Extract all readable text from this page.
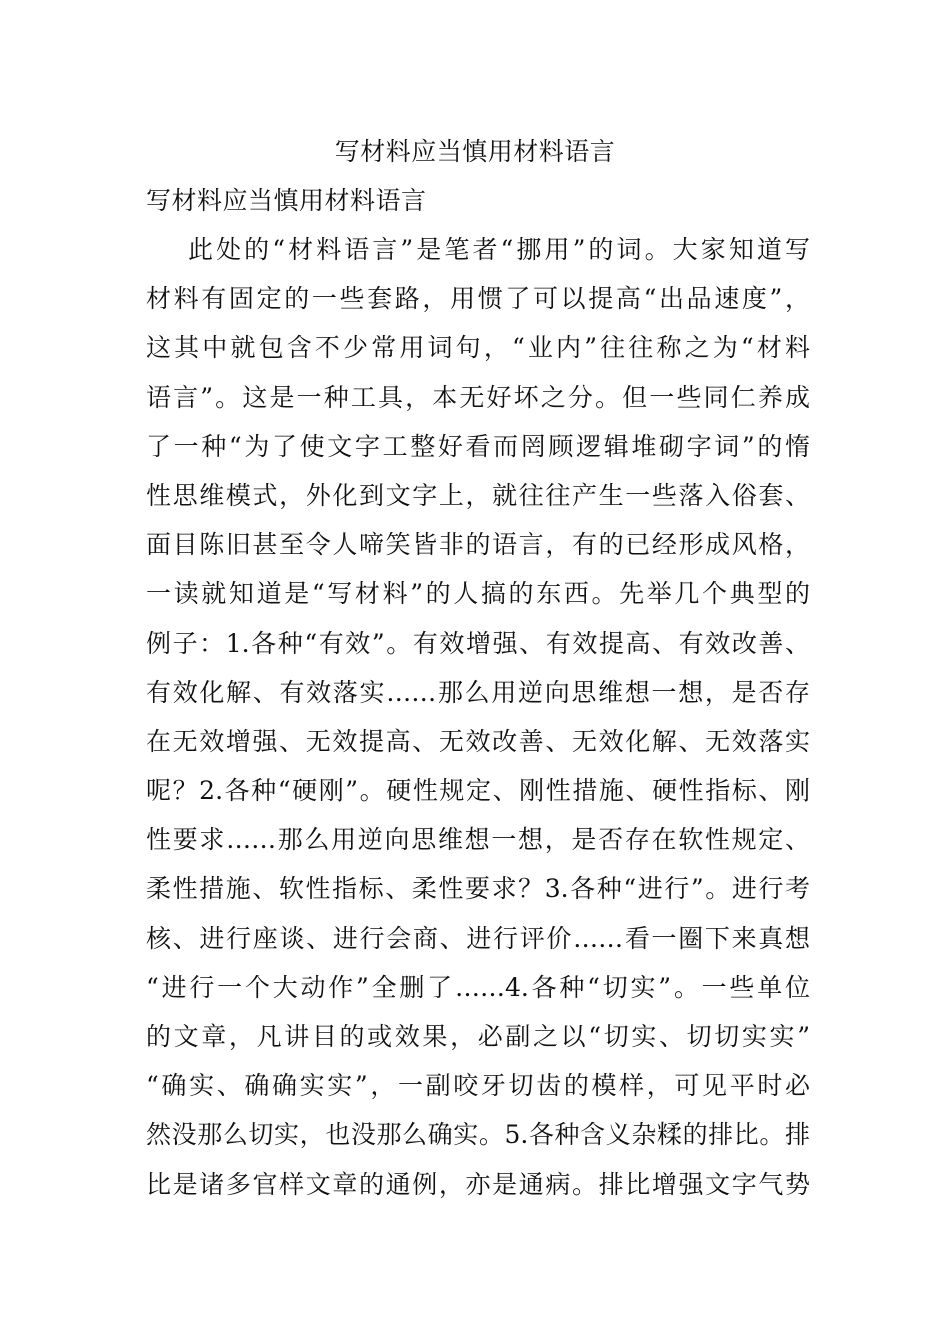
写材料应当慎用材料语言
写材料应当慎用材料语言
此处的“材料语言”是笔者“挪用”的词。大家知道写
材料有固定的一些套路，用惯了可以提高“出品速度”，
这其中就包含不少常用词句，“业内”往往称之为“材料
语言”。这是一种工具，本无好坏之分。但一些同仁养成
了一种“为了使文字工整好看而罔顾逻辑堆砌字词”的惰
性思维模式，外化到文字上，就往往产生一些落入俗套、
面目陈旧甚至令人啼笑皆非的语言，有的已经形成风格，
一读就知道是“写材料”的人搞的东西。先举几个典型的
例子：1.各种“有效”。有效增强、有效提高、有效改善、
有效化解、有效落实……那么用逆向思维想一想，是否存
在无效增强、无效提高、无效改善、无效化解、无效落实
呢？2.各种“硬刚”。硬性规定、刚性措施、硬性指标、刚
性要求……那么用逆向思维想一想，是否存在软性规定、
柔性措施、软性指标、柔性要求？3.各种“进行”。进行考
核、进行座谈、进行会商、进行评价……看一圈下来真想
“进行一个大动作”全删了……4.各种“切实”。一些单位
的文章，凡讲目的或效果，必副之以“切实、切切实实”
“确实、确确实实”，一副咬牙切齿的模样，可见平时必
然没那么切实，也没那么确实。5.各种含义杂糅的排比。排
比是诸多官样文章的通例，亦是通病。排比增强文字气势
